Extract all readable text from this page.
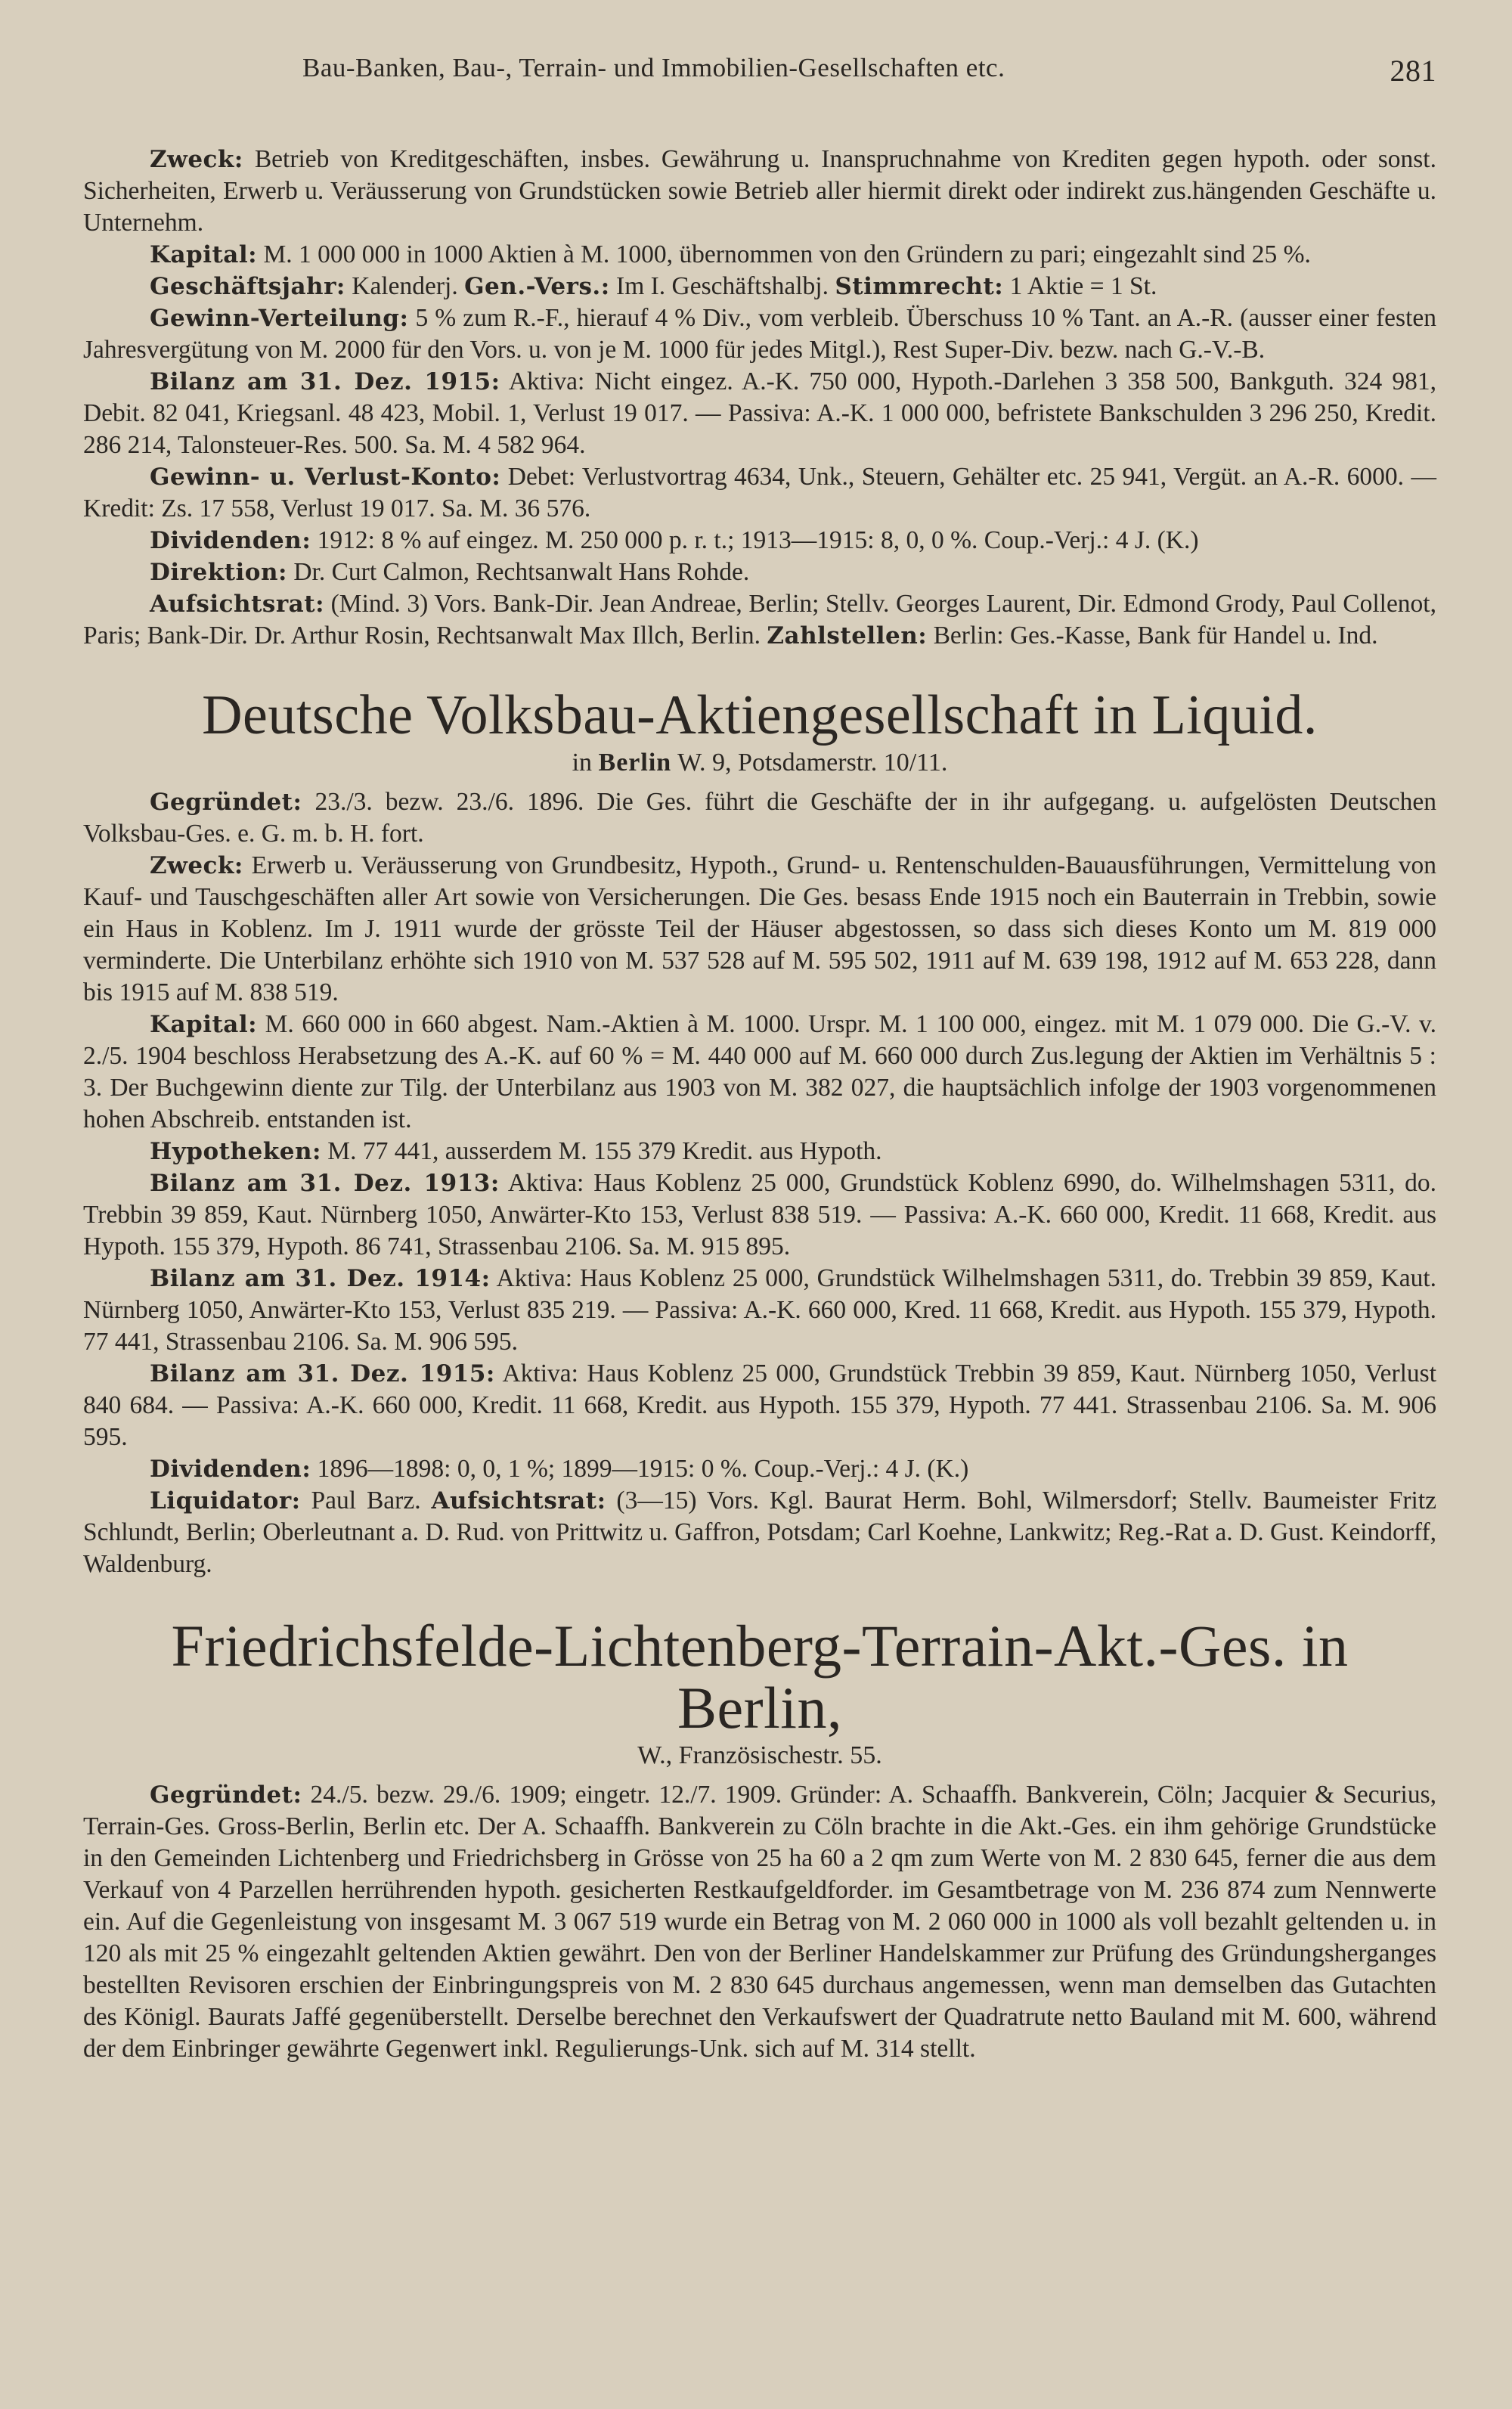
Bau-Banken, Bau-, Terrain- und Immobilien-Gesellschaften etc.	281

Zweck: Betrieb von Kreditgeschäften, insbes. Gewährung u. Inanspruchnahme von Krediten gegen hypoth. oder sonst. Sicherheiten, Erwerb u. Veräusserung von Grundstücken sowie Betrieb aller hiermit direkt oder indirekt zus.hängenden Geschäfte u. Unternehm.

Kapital: M. 1 000 000 in 1000 Aktien à M. 1000, übernommen von den Gründern zu pari; eingezahlt sind 25 %.

Geschäftsjahr: Kalenderj. Gen.-Vers.: Im I. Geschäftshalbj. Stimmrecht: 1 Aktie = 1 St.

Gewinn-Verteilung: 5 % zum R.-F., hierauf 4 % Div., vom verbleib. Überschuss 10 % Tant. an A.-R. (ausser einer festen Jahresvergütung von M. 2000 für den Vors. u. von je M. 1000 für jedes Mitgl.), Rest Super-Div. bezw. nach G.-V.-B.

Bilanz am 31. Dez. 1915: Aktiva: Nicht eingez. A.-K. 750 000, Hypoth.-Darlehen 3 358 500, Bankguth. 324 981, Debit. 82 041, Kriegsanl. 48 423, Mobil. 1, Verlust 19 017. — Passiva: A.-K. 1 000 000, befristete Bankschulden 3 296 250, Kredit. 286 214, Talonsteuer-Res. 500. Sa. M. 4 582 964.

Gewinn- u. Verlust-Konto: Debet: Verlustvortrag 4634, Unk., Steuern, Gehälter etc. 25 941, Vergüt. an A.-R. 6000. — Kredit: Zs. 17 558, Verlust 19 017. Sa. M. 36 576.

Dividenden: 1912: 8 % auf eingez. M. 250 000 p. r. t.; 1913—1915: 8, 0, 0 %. Coup.-Verj.: 4 J. (K.)

Direktion: Dr. Curt Calmon, Rechtsanwalt Hans Rohde.

Aufsichtsrat: (Mind. 3) Vors. Bank-Dir. Jean Andreae, Berlin; Stellv. Georges Laurent, Dir. Edmond Grody, Paul Collenot, Paris; Bank-Dir. Dr. Arthur Rosin, Rechtsanwalt Max Illch, Berlin. Zahlstellen: Berlin: Ges.-Kasse, Bank für Handel u. Ind.

Deutsche Volksbau-Aktiengesellschaft in Liquid.
in Berlin W. 9, Potsdamerstr. 10/11.

Gegründet: 23./3. bezw. 23./6. 1896. Die Ges. führt die Geschäfte der in ihr aufgegang. u. aufgelösten Deutschen Volksbau-Ges. e. G. m. b. H. fort.

Zweck: Erwerb u. Veräusserung von Grundbesitz, Hypoth., Grund- u. Rentenschulden-Bauausführungen, Vermittelung von Kauf- und Tauschgeschäften aller Art sowie von Versicherungen. Die Ges. besass Ende 1915 noch ein Bauterrain in Trebbin, sowie ein Haus in Koblenz. Im J. 1911 wurde der grösste Teil der Häuser abgestossen, so dass sich dieses Konto um M. 819 000 verminderte. Die Unterbilanz erhöhte sich 1910 von M. 537 528 auf M. 595 502, 1911 auf M. 639 198, 1912 auf M. 653 228, dann bis 1915 auf M. 838 519.

Kapital: M. 660 000 in 660 abgest. Nam.-Aktien à M. 1000. Urspr. M. 1 100 000, eingez. mit M. 1 079 000. Die G.-V. v. 2./5. 1904 beschloss Herabsetzung des A.-K. auf 60 % = M. 440 000 auf M. 660 000 durch Zus.legung der Aktien im Verhältnis 5 : 3. Der Buchgewinn diente zur Tilg. der Unterbilanz aus 1903 von M. 382 027, die hauptsächlich infolge der 1903 vorgenommenen hohen Abschreib. entstanden ist.

Hypotheken: M. 77 441, ausserdem M. 155 379 Kredit. aus Hypoth.

Bilanz am 31. Dez. 1913: Aktiva: Haus Koblenz 25 000, Grundstück Koblenz 6990, do. Wilhelmshagen 5311, do. Trebbin 39 859, Kaut. Nürnberg 1050, Anwärter-Kto 153, Verlust 838 519. — Passiva: A.-K. 660 000, Kredit. 11 668, Kredit. aus Hypoth. 155 379, Hypoth. 86 741, Strassenbau 2106. Sa. M. 915 895.

Bilanz am 31. Dez. 1914: Aktiva: Haus Koblenz 25 000, Grundstück Wilhelmshagen 5311, do. Trebbin 39 859, Kaut. Nürnberg 1050, Anwärter-Kto 153, Verlust 835 219. — Passiva: A.-K. 660 000, Kred. 11 668, Kredit. aus Hypoth. 155 379, Hypoth. 77 441, Strassenbau 2106. Sa. M. 906 595.

Bilanz am 31. Dez. 1915: Aktiva: Haus Koblenz 25 000, Grundstück Trebbin 39 859, Kaut. Nürnberg 1050, Verlust 840 684. — Passiva: A.-K. 660 000, Kredit. 11 668, Kredit. aus Hypoth. 155 379, Hypoth. 77 441. Strassenbau 2106. Sa. M. 906 595.

Dividenden: 1896—1898: 0, 0, 1 %; 1899—1915: 0 %. Coup.-Verj.: 4 J. (K.)

Liquidator: Paul Barz. Aufsichtsrat: (3—15) Vors. Kgl. Baurat Herm. Bohl, Wilmersdorf; Stellv. Baumeister Fritz Schlundt, Berlin; Oberleutnant a. D. Rud. von Prittwitz u. Gaffron, Potsdam; Carl Koehne, Lankwitz; Reg.-Rat a. D. Gust. Keindorff, Waldenburg.

Friedrichsfelde-Lichtenberg-Terrain-Akt.-Ges. in Berlin,
W., Französischestr. 55.

Gegründet: 24./5. bezw. 29./6. 1909; eingetr. 12./7. 1909. Gründer: A. Schaaffh. Bankverein, Cöln; Jacquier & Securius, Terrain-Ges. Gross-Berlin, Berlin etc. Der A. Schaaffh. Bankverein zu Cöln brachte in die Akt.-Ges. ein ihm gehörige Grundstücke in den Gemeinden Lichtenberg und Friedrichsberg in Grösse von 25 ha 60 a 2 qm zum Werte von M. 2 830 645, ferner die aus dem Verkauf von 4 Parzellen herrührenden hypoth. gesicherten Restkaufgeldforder. im Gesamtbetrage von M. 236 874 zum Nennwerte ein. Auf die Gegenleistung von insgesamt M. 3 067 519 wurde ein Betrag von M. 2 060 000 in 1000 als voll bezahlt geltenden u. in 120 als mit 25 % eingezahlt geltenden Aktien gewährt. Den von der Berliner Handelskammer zur Prüfung des Gründungsherganges bestellten Revisoren erschien der Einbringungspreis von M. 2 830 645 durchaus angemessen, wenn man demselben das Gutachten des Königl. Baurats Jaffé gegenüberstellt. Derselbe berechnet den Verkaufswert der Quadratrute netto Bauland mit M. 600, während der dem Einbringer gewährte Gegenwert inkl. Regulierungs-Unk. sich auf M. 314 stellt.
